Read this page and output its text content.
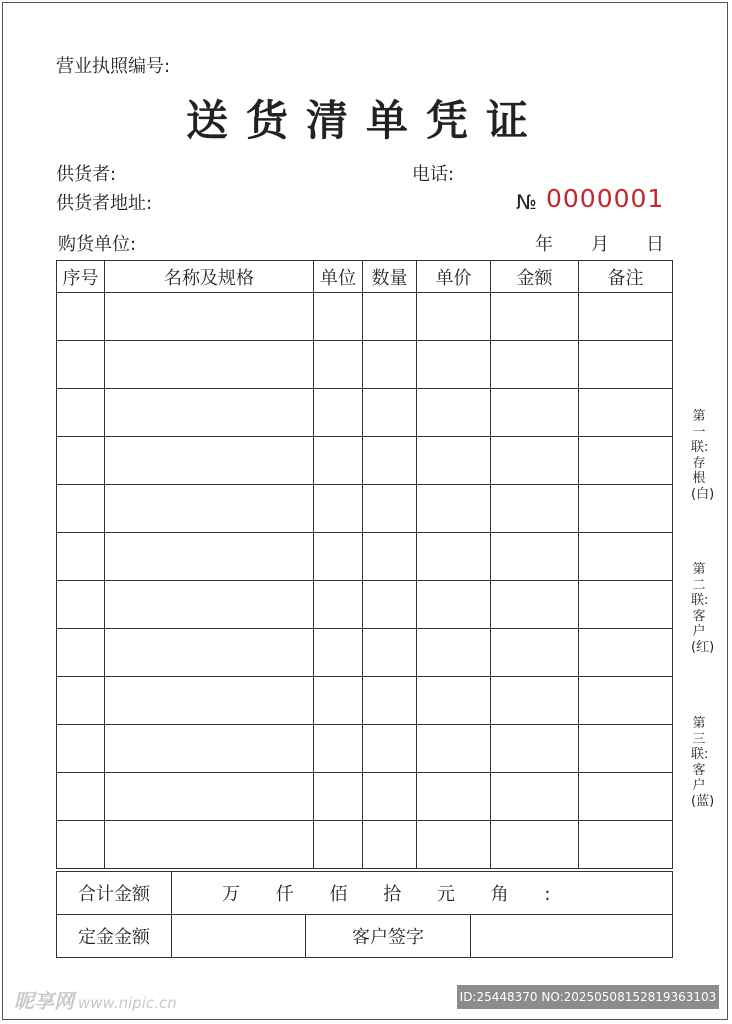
营业执照编号:
送货清单凭证
供货者:	电话:
供货者地址:	№ 0000001
购货单位:	年 月 日
序号	名称及规格	单位	数量	单价	金额	备注

合计金额	万 仟 佰 拾 元 角 :		
定金金额		客户签字	
第一联:存根(白)
第二联:客户(红)
第三联:客户(蓝)
昵享网 www.nipic.cn	ID:25448370 NO:20250508152819363103
